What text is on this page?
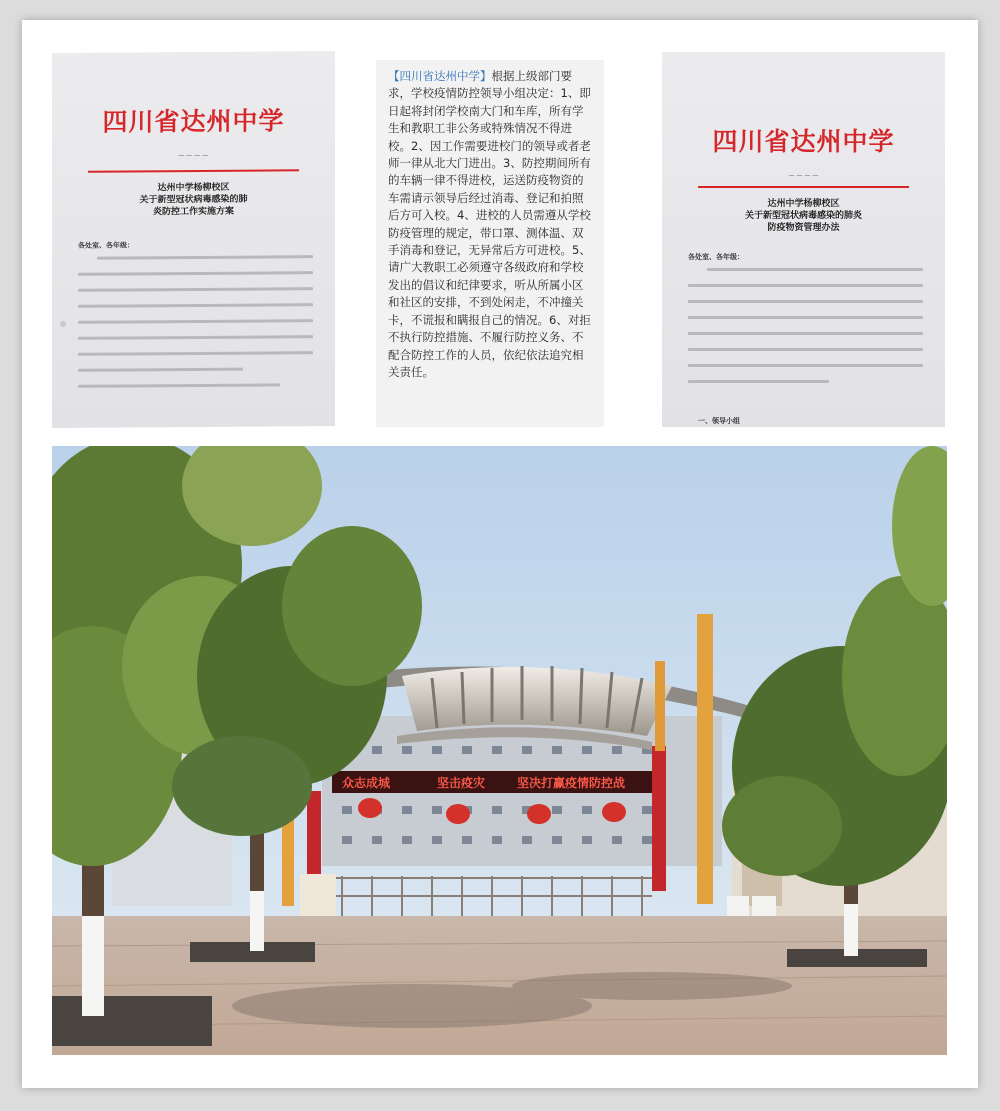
四川省达州中学
— — — —
达州中学杨柳校区
关于新型冠状病毒感染的肺
炎防控工作实施方案
各处室、各年级：

【四川省达州中学】根据上级部门要求，学校疫情防控领导小组决定：1、即日起将封闭学校南大门和车库，所有学生和教职工非公务或特殊情况不得进校。2、因工作需要进校门的领导或者老师一律从北大门进出。3、防控期间所有的车辆一律不得进校，运送防疫物资的车需请示领导后经过消毒、登记和拍照后方可入校。4、进校的人员需遵从学校防疫管理的规定，带口罩、测体温、双手消毒和登记，无异常后方可进校。5、请广大教职工必须遵守各级政府和学校发出的倡议和纪律要求，听从所属小区和社区的安排，不到处闲走，不冲撞关卡，不谎报和瞒报自己的情况。6、对拒不执行防控措施、不履行防控义务、不配合防控工作的人员，依纪依法追究相关责任。

四川省达州中学
— — — —
达州中学杨柳校区
关于新型冠状病毒感染的肺炎
防疫物资管理办法
各处室、各年级：
一、领导小组
众志成城	坚击疫灾	坚决打赢疫情防控战
